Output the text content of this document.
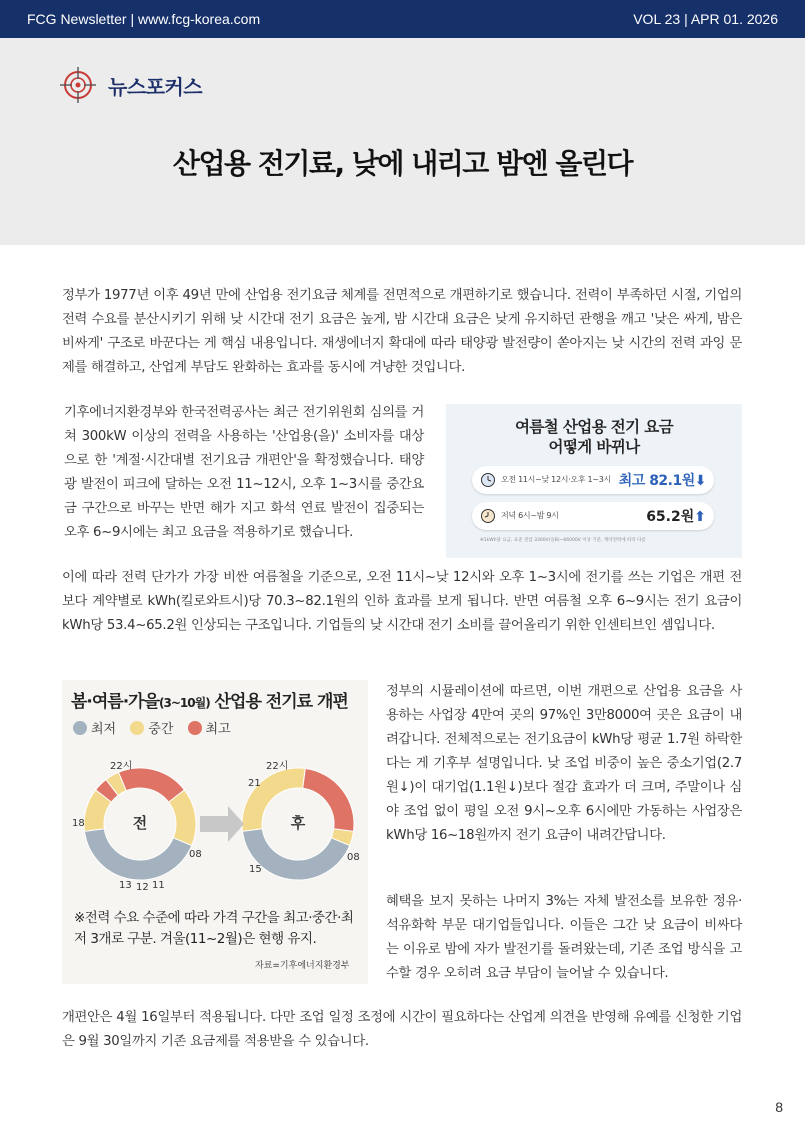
FCG Newsletter | www.fcg-korea.com	VOL 23 | APR 01. 2026
뉴스포커스
산업용 전기료, 낮에 내리고 밤엔 올린다

정부가 1977년 이후 49년 만에 산업용 전기요금 체계를 전면적으로 개편하기로 했습니다. 전력이 부족하던 시절, 기업의 전력 수요를 분산시키기 위해 낮 시간대 전기 요금은 높게, 밤 시간대 요금은 낮게 유지하던 관행을 깨고 '낮은 싸게, 밤은 비싸게' 구조로 바꾼다는 게 핵심 내용입니다. 재생에너지 확대에 따라 태양광 발전량이 쏟아지는 낮 시간의 전력 과잉 문제를 해결하고, 산업계 부담도 완화하는 효과를 동시에 겨냥한 것입니다.

기후에너지환경부와 한국전력공사는 최근 전기위원회 심의를 거쳐 300kW 이상의 전력을 사용하는 '산업용(을)' 소비자를 대상으로 한 '계절·시간대별 전기요금 개편안'을 확정했습니다. 태양광 발전이 피크에 달하는 오전 11~12시, 오후 1~3시를 중간요금 구간으로 바꾸는 반면 해가 지고 화석 연료 발전이 집중되는 오후 6~9시에는 최고 요금을 적용하기로 했습니다.

여름철 산업용 전기 요금
어떻게 바뀌나
오전 11시~낮 12시·오후 1~3시 최고 82.1원⬇
저녁 6시~밤 9시	65.2원⬆
※1kWh당 요금, 표준 전압 3300V(을B)~66000V 이상 기준, 계약전력에 따라 다름

이에 따라 전력 단가가 가장 비싼 여름철을 기준으로, 오전 11시~낮 12시와 오후 1~3시에 전기를 쓰는 기업은 개편 전보다 계약별로 kWh(킬로와트시)당 70.3~82.1원의 인하 효과를 보게 됩니다. 반면 여름철 오후 6~9시는 전기 요금이 kWh당 53.4~65.2원 인상되는 구조입니다. 기업들의 낮 시간대 전기 소비를 끌어올리기 위한 인센티브인 셈입니다.

봄·여름·가을(3~10월) 산업용 전기료 개편
최저 중간 최고
전	후
22시
18
08
13 12 11
22시
21
08
15
※전력 수요 수준에 따라 가격 구간을 최고·중간·최저 3개로 구분. 겨울(11~2월)은 현행 유지.
자료=기후에너지환경부

정부의 시뮬레이션에 따르면, 이번 개편으로 산업용 요금을 사용하는 사업장 4만여 곳의 97%인 3만8000여 곳은 요금이 내려갑니다. 전체적으로는 전기요금이 kWh당 평균 1.7원 하락한다는 게 기후부 설명입니다. 낮 조업 비중이 높은 중소기업(2.7원↓)이 대기업(1.1원↓)보다 절감 효과가 더 크며, 주말이나 심야 조업 없이 평일 오전 9시~오후 6시에만 가동하는 사업장은 kWh당 16~18원까지 전기 요금이 내려간답니다.

혜택을 보지 못하는 나머지 3%는 자체 발전소를 보유한 정유·석유화학 부문 대기업들입니다. 이들은 그간 낮 요금이 비싸다는 이유로 밤에 자가 발전기를 돌려왔는데, 기존 조업 방식을 고수할 경우 오히려 요금 부담이 늘어날 수 있습니다.

개편안은 4월 16일부터 적용됩니다. 다만 조업 일정 조정에 시간이 필요하다는 산업계 의견을 반영해 유예를 신청한 기업은 9월 30일까지 기존 요금제를 적용받을 수 있습니다.

8
